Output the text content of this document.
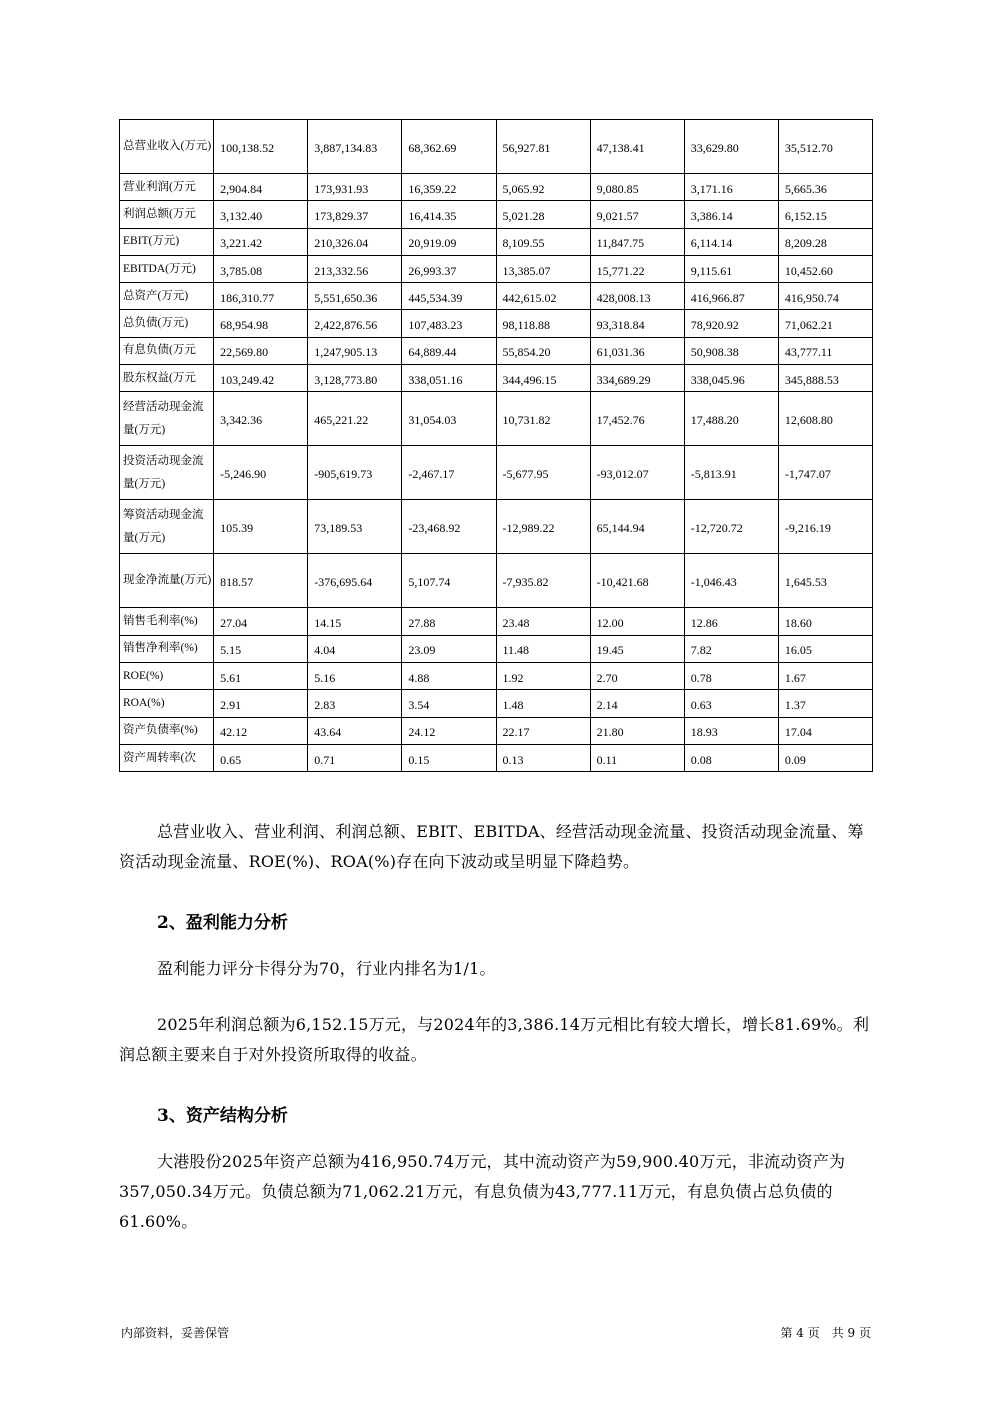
总营业收入(万元)	100,138.52	3,887,134.83	68,362.69	56,927.81	47,138.41	33,629.80	35,512.70
营业利润(万元	2,904.84	173,931.93	16,359.22	5,065.92	9,080.85	3,171.16	5,665.36
利润总额(万元	3,132.40	173,829.37	16,414.35	5,021.28	9,021.57	3,386.14	6,152.15
EBIT(万元)	3,221.42	210,326.04	20,919.09	8,109.55	11,847.75	6,114.14	8,209.28
EBITDA(万元)	3,785.08	213,332.56	26,993.37	13,385.07	15,771.22	9,115.61	10,452.60
总资产(万元)	186,310.77	5,551,650.36	445,534.39	442,615.02	428,008.13	416,966.87	416,950.74
总负债(万元)	68,954.98	2,422,876.56	107,483.23	98,118.88	93,318.84	78,920.92	71,062.21
有息负债(万元	22,569.80	1,247,905.13	64,889.44	55,854.20	61,031.36	50,908.38	43,777.11
股东权益(万元	103,249.42	3,128,773.80	338,051.16	344,496.15	334,689.29	338,045.96	345,888.53
经营活动现金流量(万元)	3,342.36	465,221.22	31,054.03	10,731.82	17,452.76	17,488.20	12,608.80
投资活动现金流量(万元)	-5,246.90	-905,619.73	-2,467.17	-5,677.95	-93,012.07	-5,813.91	-1,747.07
筹资活动现金流量(万元)	105.39	73,189.53	-23,468.92	-12,989.22	65,144.94	-12,720.72	-9,216.19
现金净流量(万元)	818.57	-376,695.64	5,107.74	-7,935.82	-10,421.68	-1,046.43	1,645.53
销售毛利率(%)	27.04	14.15	27.88	23.48	12.00	12.86	18.60
销售净利率(%)	5.15	4.04	23.09	11.48	19.45	7.82	16.05
ROE(%)	5.61	5.16	4.88	1.92	2.70	0.78	1.67
ROA(%)	2.91	2.83	3.54	1.48	2.14	0.63	1.37
资产负债率(%)	42.12	43.64	24.12	22.17	21.80	18.93	17.04
资产周转率(次	0.65	0.71	0.15	0.13	0.11	0.08	0.09

总营业收入、营业利润、利润总额、EBIT、EBITDA、经营活动现金流量、投资活动现金流量、筹资活动现金流量、ROE(%)、ROA(%)存在向下波动或呈明显下降趋势。

2、盈利能力分析

盈利能力评分卡得分为70，行业内排名为1/1。

2025年利润总额为6,152.15万元，与2024年的3,386.14万元相比有较大增长，增长81.69%。利润总额主要来自于对外投资所取得的收益。

3、资产结构分析

大港股份2025年资产总额为416,950.74万元，其中流动资产为59,900.40万元，非流动资产为357,050.34万元。负债总额为71,062.21万元，有息负债为43,777.11万元，有息负债占总负债的61.60%。

内部资料，妥善保管	第 4 页　共 9 页
